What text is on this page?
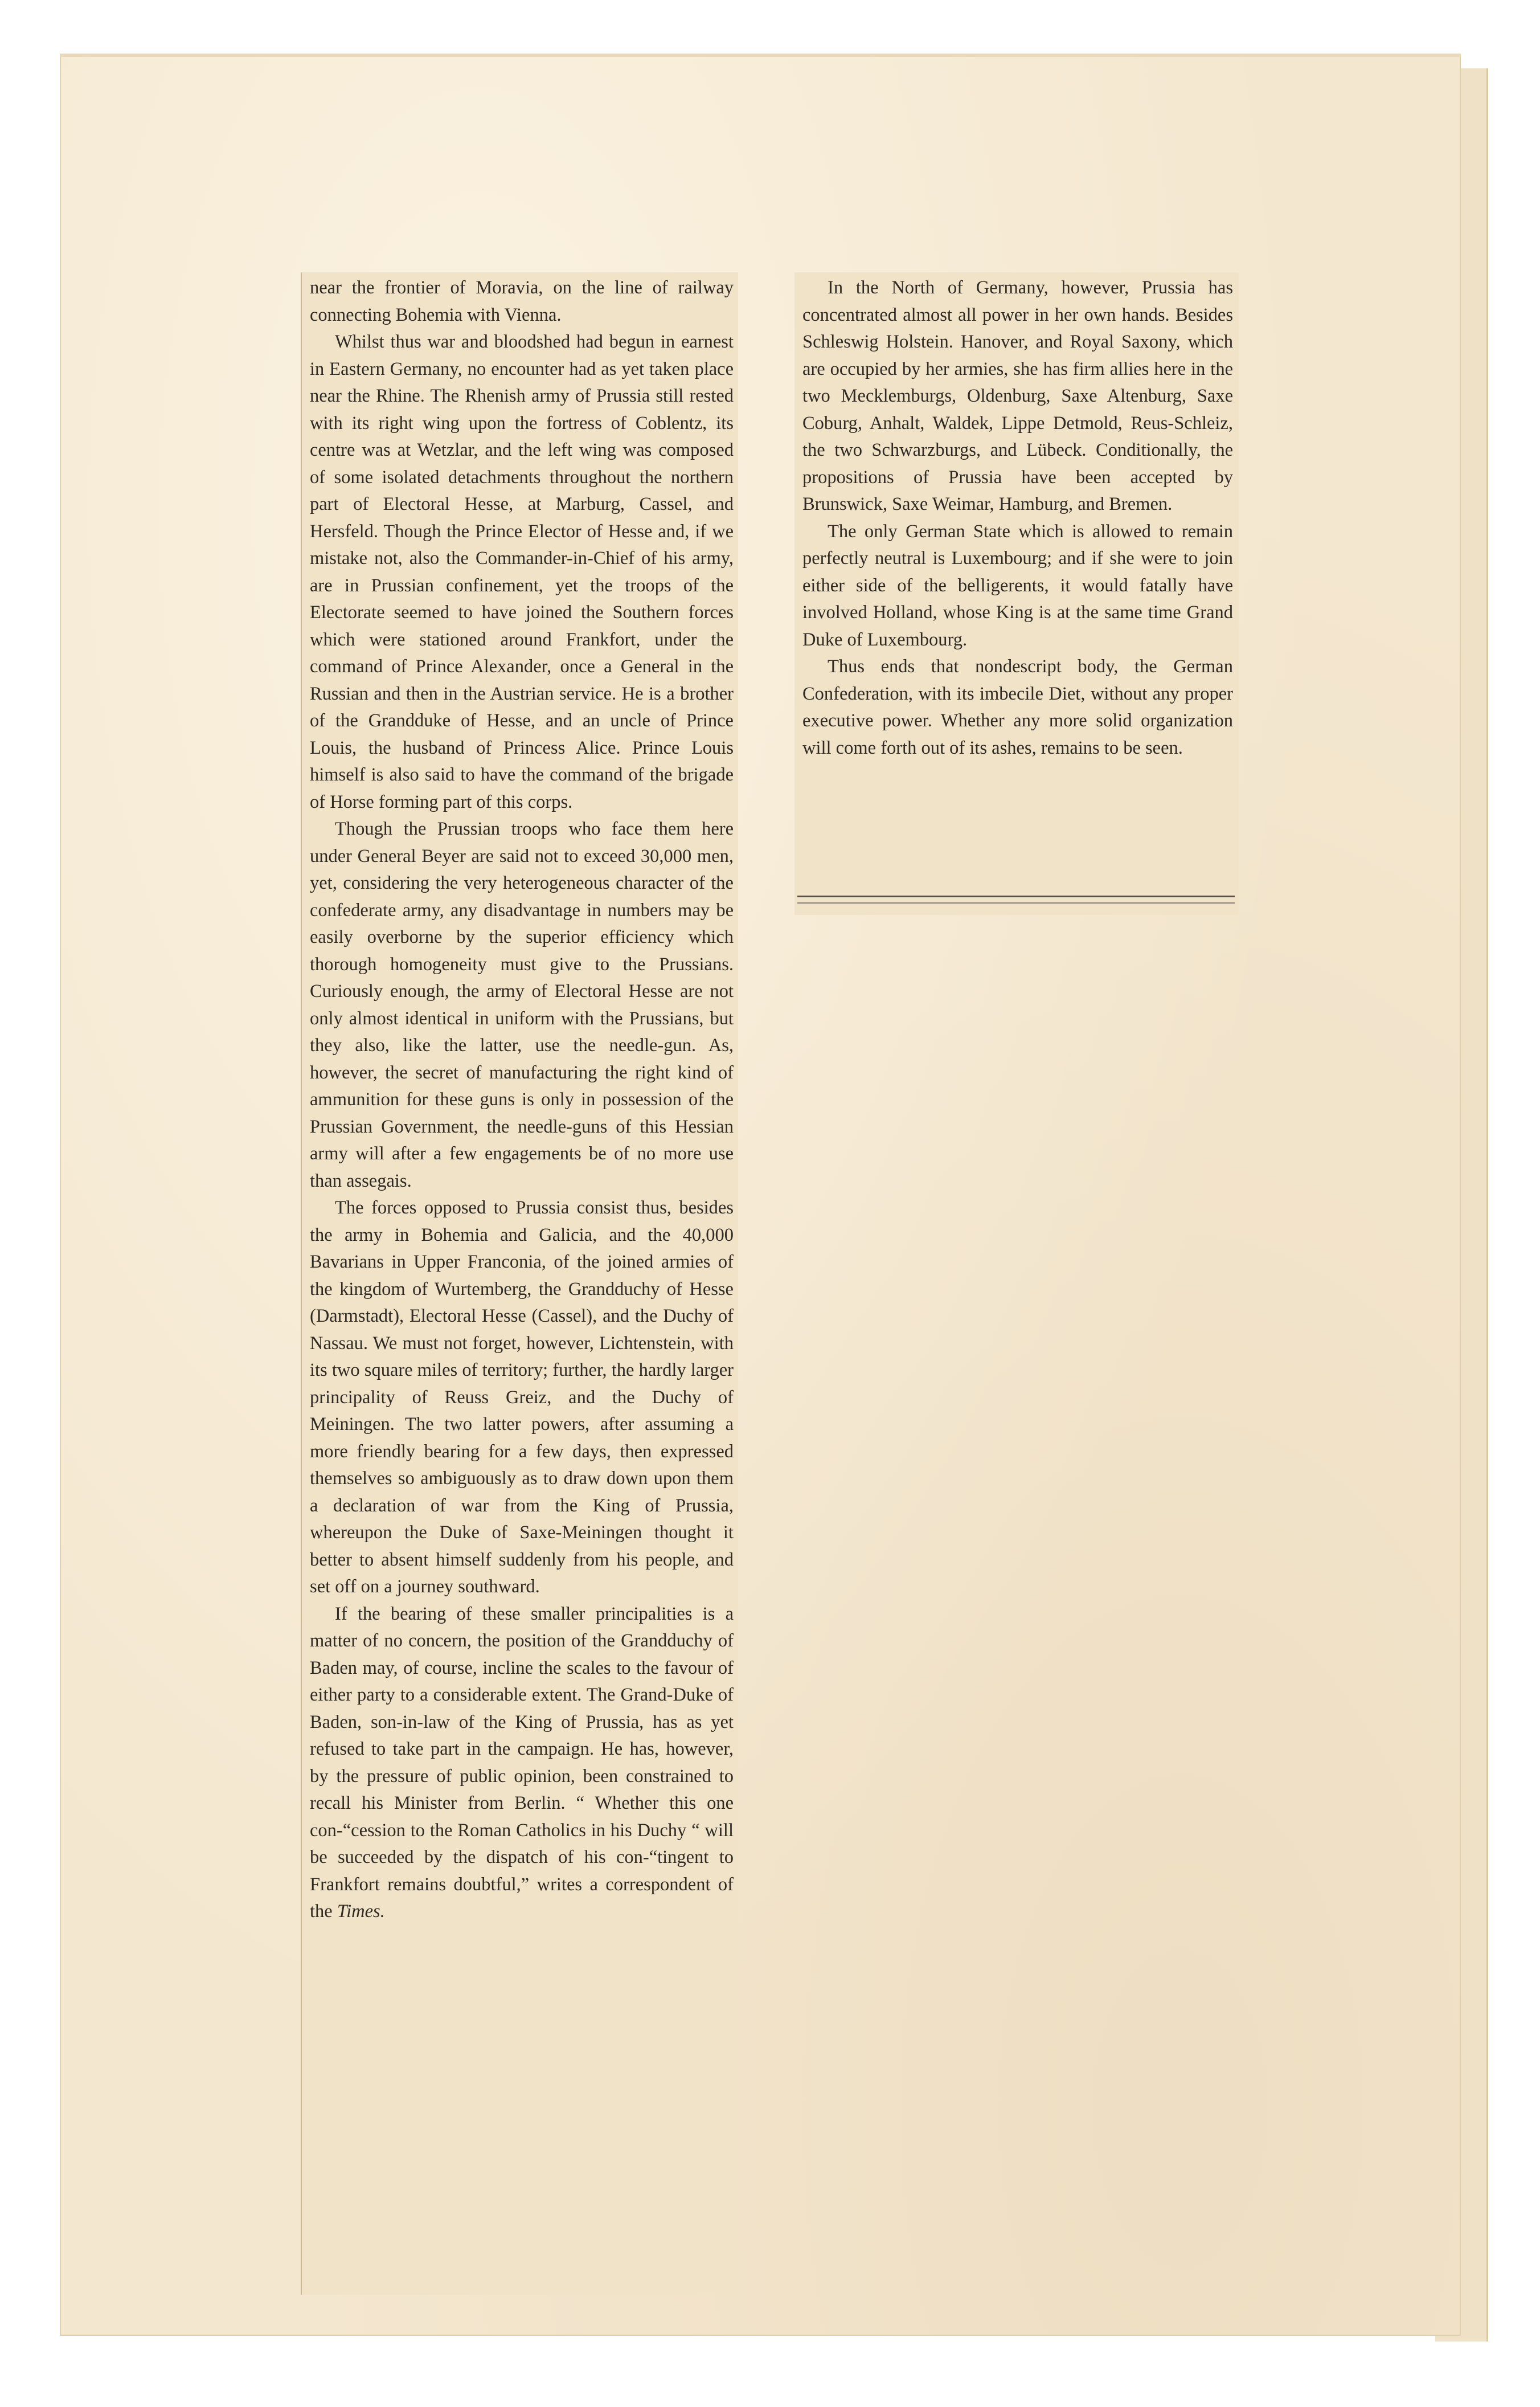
near the frontier of Moravia, on the line of railway connecting Bohemia with Vienna.

Whilst thus war and bloodshed had begun in earnest in Eastern Germany, no encounter had as yet taken place near the Rhine. The Rhenish army of Prussia still rested with its right wing upon the fortress of Coblentz, its centre was at Wetzlar, and the left wing was composed of some isolated detachments throughout the northern part of Electoral Hesse, at Marburg, Cassel, and Hersfeld. Though the Prince Elector of Hesse and, if we mistake not, also the Commander-in-Chief of his army, are in Prussian confinement, yet the troops of the Electorate seemed to have joined the Southern forces which were stationed around Frankfort, under the command of Prince Alexander, once a General in the Russian and then in the Austrian service. He is a brother of the Grandduke of Hesse, and an uncle of Prince Louis, the husband of Princess Alice. Prince Louis himself is also said to have the command of the brigade of Horse forming part of this corps.

Though the Prussian troops who face them here under General Beyer are said not to exceed 30,000 men, yet, considering the very heterogeneous character of the confederate army, any disadvantage in numbers may be easily overborne by the superior efficiency which thorough homogeneity must give to the Prussians. Curiously enough, the army of Electoral Hesse are not only almost identical in uniform with the Prussians, but they also, like the latter, use the needle-gun. As, however, the secret of manufacturing the right kind of ammunition for these guns is only in possession of the Prussian Government, the needle-guns of this Hessian army will after a few engagements be of no more use than assegais.

The forces opposed to Prussia consist thus, besides the army in Bohemia and Galicia, and the 40,000 Bavarians in Upper Franconia, of the joined armies of the kingdom of Wurtemberg, the Grandduchy of Hesse (Darmstadt), Electoral Hesse (Cassel), and the Duchy of Nassau. We must not forget, however, Lichtenstein, with its two square miles of territory; further, the hardly larger principality of Reuss Greiz, and the Duchy of Meiningen. The two latter powers, after assuming a more friendly bearing for a few days, then expressed themselves so ambiguously as to draw down upon them a declaration of war from the King of Prussia, whereupon the Duke of Saxe-Meiningen thought it better to absent himself suddenly from his people, and set off on a journey southward.

If the bearing of these smaller principalities is a matter of no concern, the position of the Grandduchy of Baden may, of course, incline the scales to the favour of either party to a considerable extent. The Grand-Duke of Baden, son-in-law of the King of Prussia, has as yet refused to take part in the campaign. He has, however, by the pressure of public opinion, been constrained to recall his Minister from Berlin. “ Whether this one con-“cession to the Roman Catholics in his Duchy “ will be succeeded by the dispatch of his con-“tingent to Frankfort remains doubtful,” writes a correspondent of the Times.

In the North of Germany, however, Prussia has concentrated almost all power in her own hands. Besides Schleswig Holstein. Hanover, and Royal Saxony, which are occupied by her armies, she has firm allies here in the two Mecklemburgs, Oldenburg, Saxe Altenburg, Saxe Coburg, Anhalt, Waldek, Lippe Detmold, Reus-Schleiz, the two Schwarzburgs, and Lübeck. Conditionally, the propositions of Prussia have been accepted by Brunswick, Saxe Weimar, Hamburg, and Bremen.

The only German State which is allowed to remain perfectly neutral is Luxembourg; and if she were to join either side of the belligerents, it would fatally have involved Holland, whose King is at the same time Grand Duke of Luxembourg.

Thus ends that nondescript body, the German Confederation, with its imbecile Diet, without any proper executive power. Whether any more solid organization will come forth out of its ashes, remains to be seen.
